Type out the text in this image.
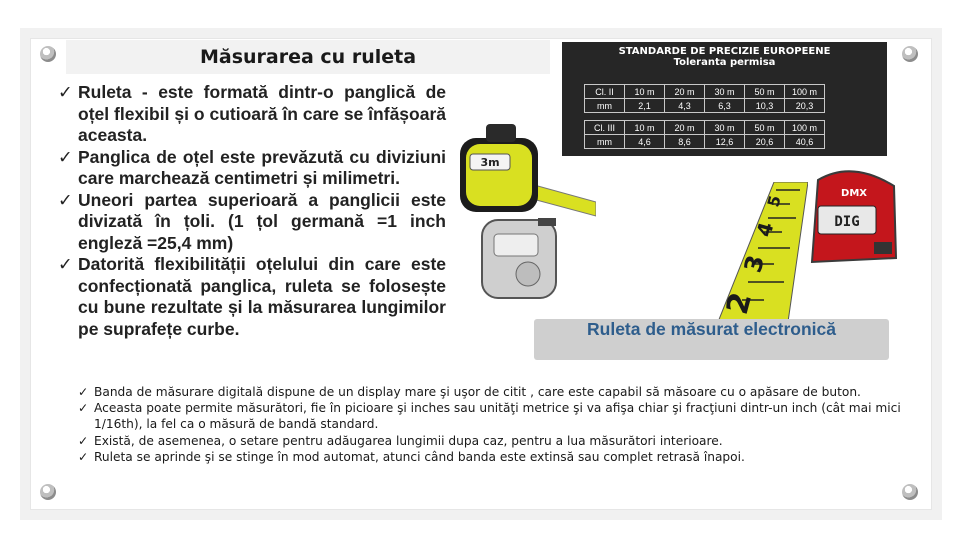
Măsurarea cu ruleta
✓ Ruleta - este formată dintr-o panglică de oțel flexibil și o cutioară în care se înfășoară aceasta.
✓ Panglica de oțel este prevăzută cu diviziuni care marchează centimetri și milimetri.
✓ Uneori partea superioară a panglicii este divizată în țoli. (1 țol germană =1 inch engleză =25,4 mm)
✓ Datorită flexibilității oțelului din care este confecționată panglica, ruleta se folosește cu bune rezultate și la măsurarea lungimilor pe suprafețe curbe.
STANDARDE DE PRECIZIE EUROPEENE
Toleranta permisa
Cl. II	10 m	20 m	30 m	50 m	100 m
mm	2,1	4,3	6,3	10,3	20,3

Cl. III	10 m	20 m	30 m	50 m	100 m
mm	4,6	8,6	12,6	20,6	40,6
3m
2
3
4
5
DIG
DMX
Ruleta de măsurat electronică
✓ Banda de măsurare digitală dispune de un display mare şi uşor de citit , care este capabil să măsoare cu o apăsare de buton.
✓ Aceasta poate permite măsurători, fie în picioare şi inches sau unităţi metrice şi va afişa chiar şi fracţiuni dintr-un inch (cât mai mici 1/16th), la fel ca o măsură de bandă standard.
✓ Există, de asemenea, o setare pentru adăugarea lungimii dupa caz, pentru a lua măsurători interioare.
✓ Ruleta se aprinde şi se stinge în mod automat, atunci când banda este extinsă sau complet retrasă înapoi.
